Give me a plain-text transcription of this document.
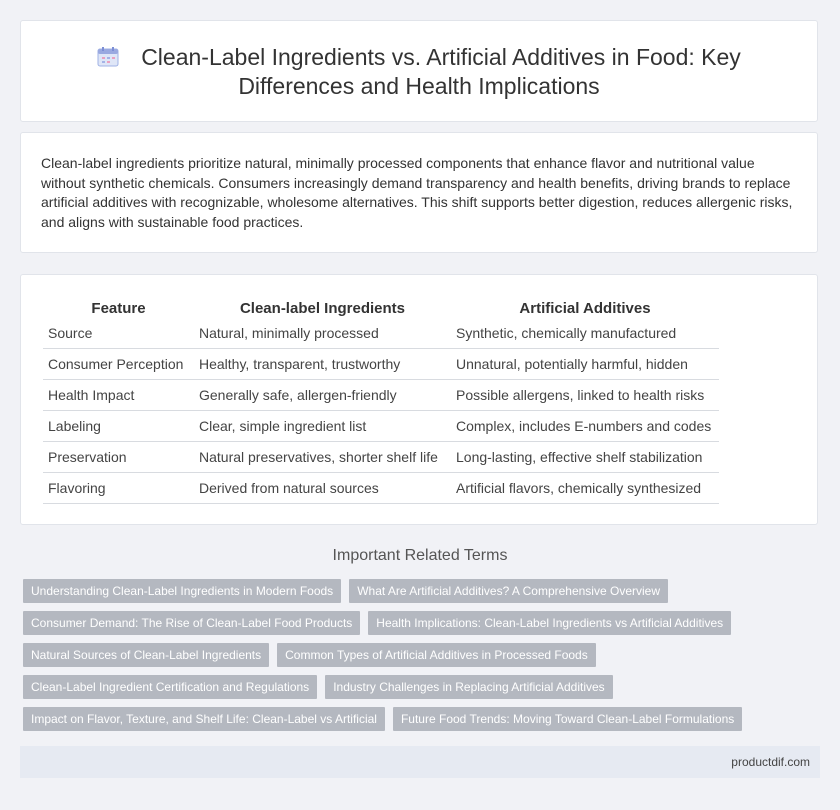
Clean-Label Ingredients vs. Artificial Additives in Food: Key
Differences and Health Implications
Clean-label ingredients prioritize natural, minimally processed components that enhance flavor and nutritional value without synthetic chemicals. Consumers increasingly demand transparency and health benefits, driving brands to replace artificial additives with recognizable, wholesome alternatives. This shift supports better digestion, reduces allergenic risks, and aligns with sustainable food practices.
Feature	Clean-label Ingredients	Artificial Additives
Source	Natural, minimally processed	Synthetic, chemically manufactured
Consumer Perception	Healthy, transparent, trustworthy	Unnatural, potentially harmful, hidden
Health Impact	Generally safe, allergen-friendly	Possible allergens, linked to health risks
Labeling	Clear, simple ingredient list	Complex, includes E-numbers and codes
Preservation	Natural preservatives, shorter shelf life	Long-lasting, effective shelf stabilization
Flavoring	Derived from natural sources	Artificial flavors, chemically synthesized
Important Related Terms
Understanding Clean-Label Ingredients in Modern Foods	What Are Artificial Additives? A Comprehensive Overview
Consumer Demand: The Rise of Clean-Label Food Products	Health Implications: Clean-Label Ingredients vs Artificial Additives
Natural Sources of Clean-Label Ingredients	Common Types of Artificial Additives in Processed Foods
Clean-Label Ingredient Certification and Regulations	Industry Challenges in Replacing Artificial Additives
Impact on Flavor, Texture, and Shelf Life: Clean-Label vs Artificial	Future Food Trends: Moving Toward Clean-Label Formulations
productdif.com
